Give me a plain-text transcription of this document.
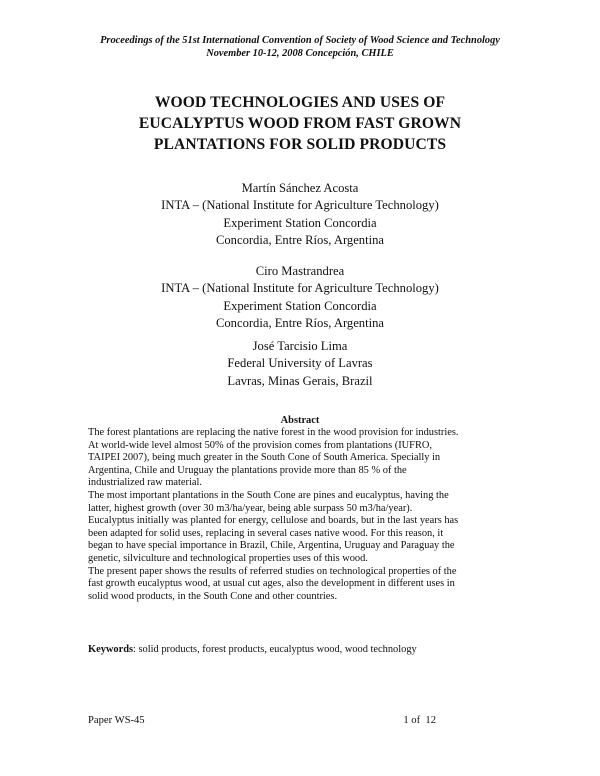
Proceedings of the 51st International Convention of Society of Wood Science and Technology
November 10-12, 2008 Concepción, CHILE
WOOD TECHNOLOGIES AND USES OF
EUCALYPTUS WOOD FROM FAST GROWN
PLANTATIONS FOR SOLID PRODUCTS
Martín Sánchez Acosta
INTA – (National Institute for Agriculture Technology)
Experiment Station Concordia
Concordia, Entre Ríos, Argentina
Ciro Mastrandrea
INTA – (National Institute for Agriculture Technology)
Experiment Station Concordia
Concordia, Entre Ríos, Argentina
José Tarcisio Lima
Federal University of Lavras
Lavras, Minas Gerais, Brazil
Abstract
The forest plantations are replacing the native forest in the wood provision for industries.
At world-wide level almost 50% of the provision comes from plantations (IUFRO,
TAIPEI 2007), being much greater in the South Cone of South America. Specially in
Argentina, Chile and Uruguay the plantations provide more than 85 % of the
industrialized raw material.
The most important plantations in the South Cone are pines and eucalyptus, having the
latter, highest growth (over 30 m3/ha/year, being able surpass 50 m3/ha/year).
Eucalyptus initially was planted for energy, cellulose and boards, but in the last years has
been adapted for solid uses, replacing in several cases native wood. For this reason, it
began to have special importance in Brazil, Chile, Argentina, Uruguay and Paraguay the
genetic, silviculture and technological properties uses of this wood.
The present paper shows the results of referred studies on technological properties of the
fast growth eucalyptus wood, at usual cut ages, also the development in different uses in
solid wood products, in the South Cone and other countries.
Keywords: solid products, forest products, eucalyptus wood, wood technology
Paper WS-45	1 of  12
